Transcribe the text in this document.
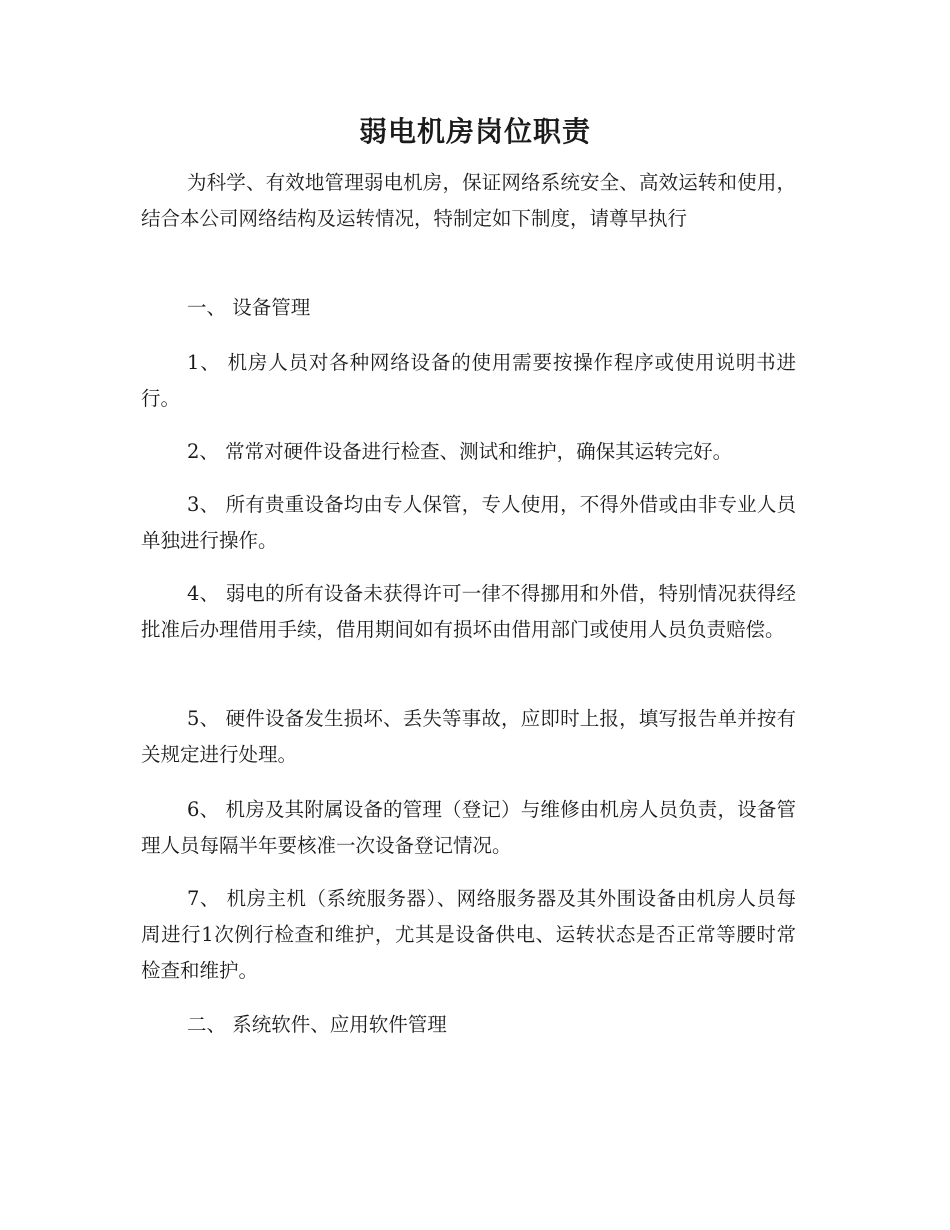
弱电机房岗位职责
为科学、有效地管理弱电机房，保证网络系统安全、高效运转和使用，结合本公司网络结构及运转情况，特制定如下制度，请尊早执行
一、 设备管理
1、 机房人员对各种网络设备的使用需要按操作程序或使用说明书进行。
2、 常常对硬件设备进行检查、测试和维护，确保其运转完好。
3、 所有贵重设备均由专人保管，专人使用，不得外借或由非专业人员单独进行操作。
4、 弱电的所有设备未获得许可一律不得挪用和外借，特别情况获得经批准后办理借用手续，借用期间如有损坏由借用部门或使用人员负责赔偿。
5、 硬件设备发生损坏、丢失等事故，应即时上报，填写报告单并按有关规定进行处理。
6、 机房及其附属设备的管理（登记）与维修由机房人员负责，设备管理人员每隔半年要核准一次设备登记情况。
7、 机房主机（系统服务器）、网络服务器及其外围设备由机房人员每周进行1次例行检查和维护，尤其是设备供电、运转状态是否正常等腰时常检查和维护。
二、 系统软件、应用软件管理
